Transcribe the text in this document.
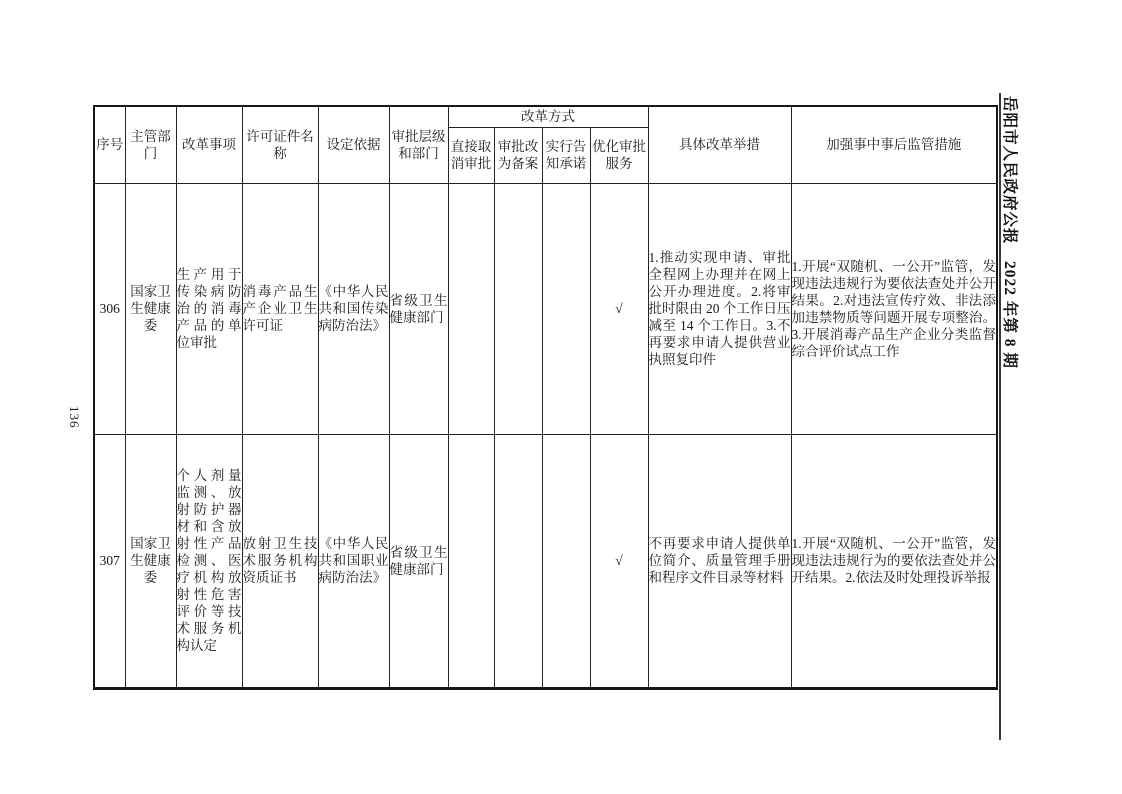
136
序号	主管部门	改革事项	许可证件名称	设定依据	审批层级和部门	改革方式				具体改革举措	加强事中事后监管措施
						直接取消审批	审批改为备案	实行告知承诺	优化审批服务		
306	国家卫生健康委	生产用于传染病防治的消毒产品的单位审批	消毒产品生产企业卫生许可证	《中华人民共和国传染病防治法》	省级卫生健康部门				√	1.推动实现申请、审批全程网上办理并在网上公开办理进度。2.将审批时限由 20 个工作日压减至 14 个工作日。3.不再要求申请人提供营业执照复印件	1.开展“双随机、一公开”监管，发现违法违规行为要依法查处并公开结果。2.对违法宣传疗效、非法添加违禁物质等问题开展专项整治。3.开展消毒产品生产企业分类监督综合评价试点工作
307	国家卫生健康委	个人剂量监测、放射防护器材和含放射性产品检测、医疗机构放射性危害评价等技术服务机构认定	放射卫生技术服务机构资质证书	《中华人民共和国职业病防治法》	省级卫生健康部门				√	不再要求申请人提供单位简介、质量管理手册和程序文件目录等材料	1.开展“双随机、一公开”监管，发现违法违规行为的要依法查处并公开结果。2.依法及时处理投诉举报
岳阳市人民政府公报　2022 年第 8 期
